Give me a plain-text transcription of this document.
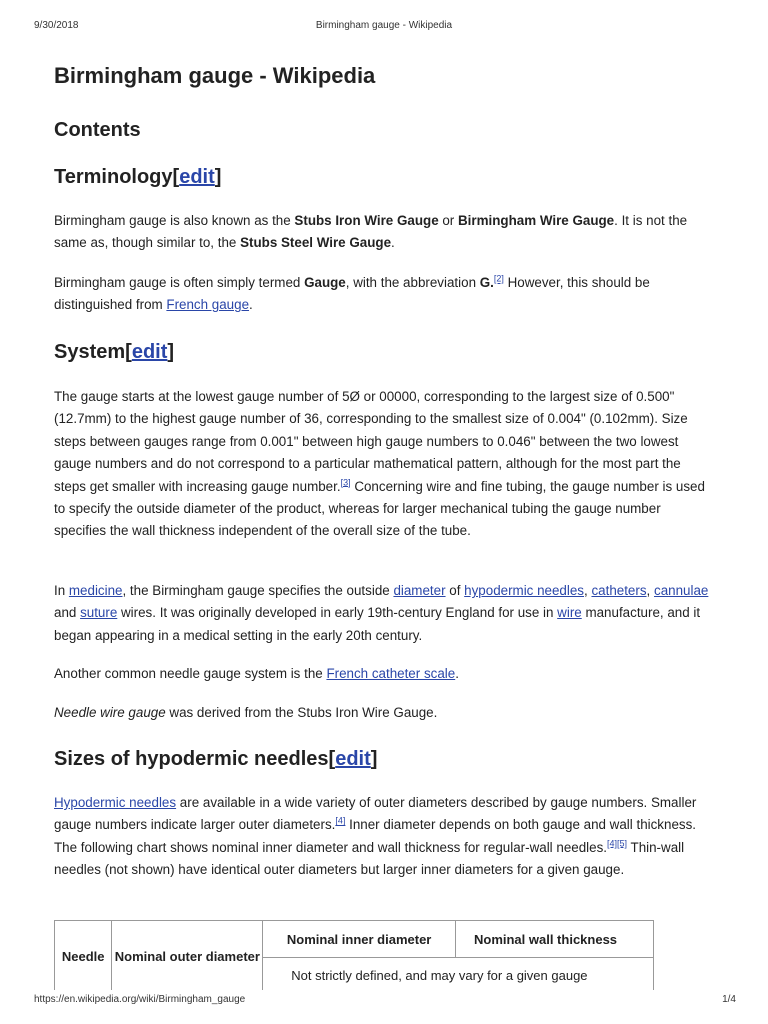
9/30/2018	Birmingham gauge - Wikipedia
Birmingham gauge - Wikipedia
Contents
Terminology[edit]

Birmingham gauge is also known as the Stubs Iron Wire Gauge or Birmingham Wire Gauge. It is not the same as, though similar to, the Stubs Steel Wire Gauge.

Birmingham gauge is often simply termed Gauge, with the abbreviation G.[2] However, this should be distinguished from French gauge.

System[edit]

The gauge starts at the lowest gauge number of 5Ø or 00000, corresponding to the largest size of 0.500" (12.7mm) to the highest gauge number of 36, corresponding to the smallest size of 0.004" (0.102mm). Size steps between gauges range from 0.001" between high gauge numbers to 0.046" between the two lowest gauge numbers and do not correspond to a particular mathematical pattern, although for the most part the steps get smaller with increasing gauge number.[3] Concerning wire and fine tubing, the gauge number is used to specify the outside diameter of the product, whereas for larger mechanical tubing the gauge number specifies the wall thickness independent of the overall size of the tube.

In medicine, the Birmingham gauge specifies the outside diameter of hypodermic needles, catheters, cannulae and suture wires. It was originally developed in early 19th-century England for use in wire manufacture, and it began appearing in a medical setting in the early 20th century.

Another common needle gauge system is the French catheter scale.

Needle wire gauge was derived from the Stubs Iron Wire Gauge.

Sizes of hypodermic needles[edit]

Hypodermic needles are available in a wide variety of outer diameters described by gauge numbers. Smaller gauge numbers indicate larger outer diameters.[4] Inner diameter depends on both gauge and wall thickness. The following chart shows nominal inner diameter and wall thickness for regular-wall needles.[4][5] Thin-wall needles (not shown) have identical outer diameters but larger inner diameters for a given gauge.

Needle	Nominal outer diameter	Nominal inner diameter	Nominal wall thickness
Not strictly defined, and may vary for a given gauge
https://en.wikipedia.org/wiki/Birmingham_gauge	1/4
